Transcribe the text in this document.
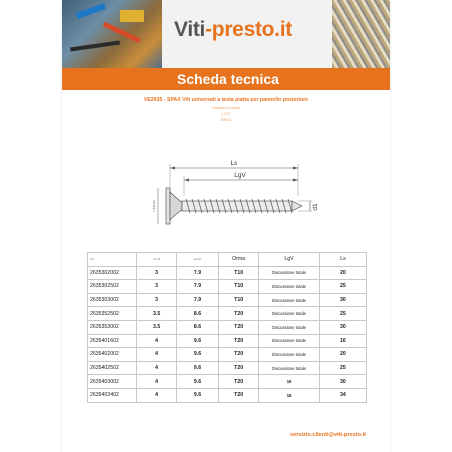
Viti-presto.it
Scheda tecnica
VE2635 - SPAX Viti universali a testa piatta per pannello posteriore
Filettatura completa
4 CUT
WIROX
Ls
LgV
d1
c.5d1/4d
Art.	ø1 Ø	ø2 Ø	Orma	LgV	Ls
2635302002	3	7.9	T10	Discussione totale	20
2635302502	3	7.9	T10	Discussione totale	25
2635303002	3	7.9	T10	Discussione totale	30
2635352502	3.5	8.6	T20	Discussione totale	25
2635353002	3.5	8.6	T20	Discussione totale	30
2635401602	4	9.6	T20	Discussione totale	16
2635402002	4	9.6	T20	Discussione totale	20
2635402502	4	9.6	T20	Discussione totale	25
2635403002	4	9.6	T20	16	30
2635403402	4	9.6	T20	16	34
servizio.clienti@viti-presto.it
